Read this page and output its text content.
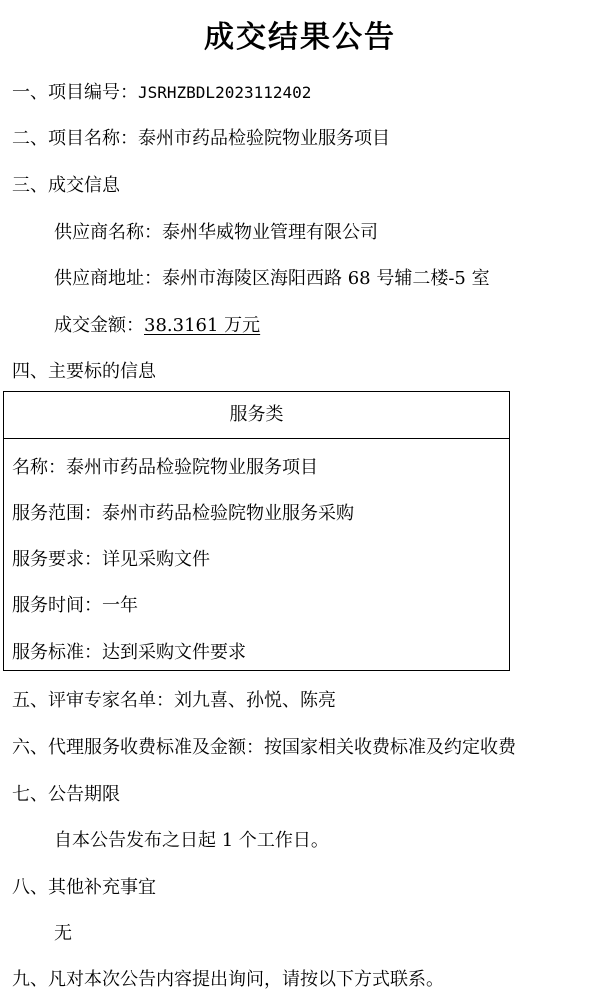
成交结果公告
一、项目编号：JSRHZBDL2023112402
二、项目名称：泰州市药品检验院物业服务项目
三、成交信息
供应商名称：泰州华威物业管理有限公司
供应商地址：泰州市海陵区海阳西路 68 号辅二楼-5 室
成交金额：38.3161 万元
四、主要标的信息
服务类
名称：泰州市药品检验院物业服务项目
服务范围：泰州市药品检验院物业服务采购
服务要求：详见采购文件
服务时间：一年
服务标准：达到采购文件要求
五、评审专家名单：刘九喜、孙悦、陈亮
六、代理服务收费标准及金额：按国家相关收费标准及约定收费
七、公告期限
自本公告发布之日起 1 个工作日。
八、其他补充事宜
无
九、凡对本次公告内容提出询问，请按以下方式联系。
